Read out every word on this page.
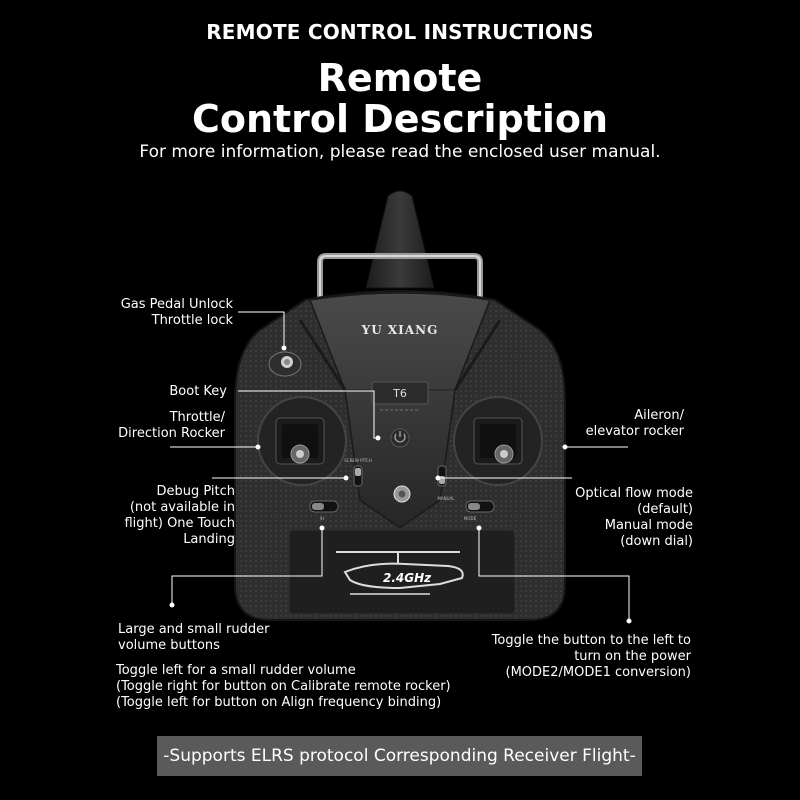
REMOTE CONTROL INSTRUCTIONS
Remote
Control Description
For more information, please read the enclosed user manual.
YU XIANG
T6
SCREW PITCH
MANUAL
/H	MODE
2.4GHz
Gas Pedal Unlock
Throttle lock
Boot Key
Throttle/
Direction Rocker
Aileron/
elevator rocker
Debug Pitch
(not available in
flight) One Touch
Landing
Optical flow mode
(default)
Manual mode
(down dial)
Large and small rudder
volume buttons	Toggle the button to the left to
turn on the power
(MODE2/MODE1 conversion)
Toggle left for a small rudder volume
(Toggle right for button on Calibrate remote rocker)
(Toggle left for button on Align frequency binding)
-Supports ELRS protocol Corresponding Receiver Flight-
